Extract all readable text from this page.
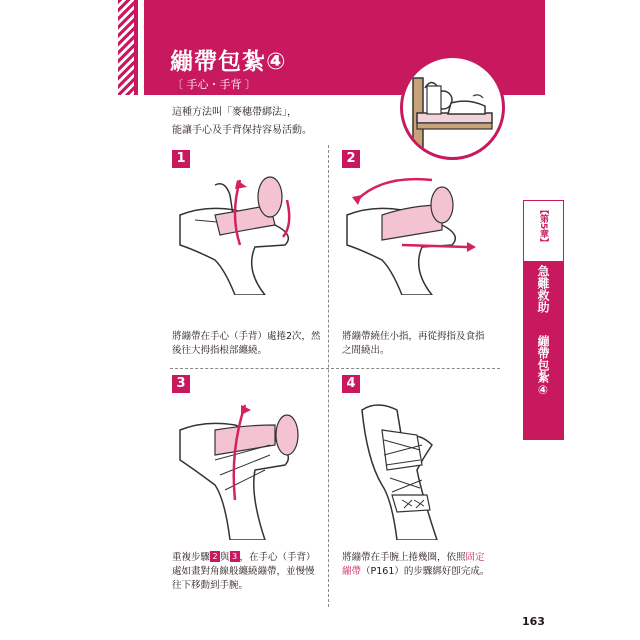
繃帶包紮④
〔 手心・手背 〕
這種方法叫「麥穗帶綁法」，
能讓手心及手背保持容易活動。
1
將繃帶在手心（手背）處捲2次，然後往大拇指根部纏繞。
2
將繃帶繞住小指，再從拇指及食指之間繞出。
3
重複步驟 2 與 3 ，在手心（手背）處如畫對角線般纏繞繃帶，並慢慢往下移動到手腕。
4
將繃帶在手腕上捲幾圈，依照固定繃帶（P161）的步驟綁好卽完成。
【第5章】
急難救助
繃帶包紮④
163
